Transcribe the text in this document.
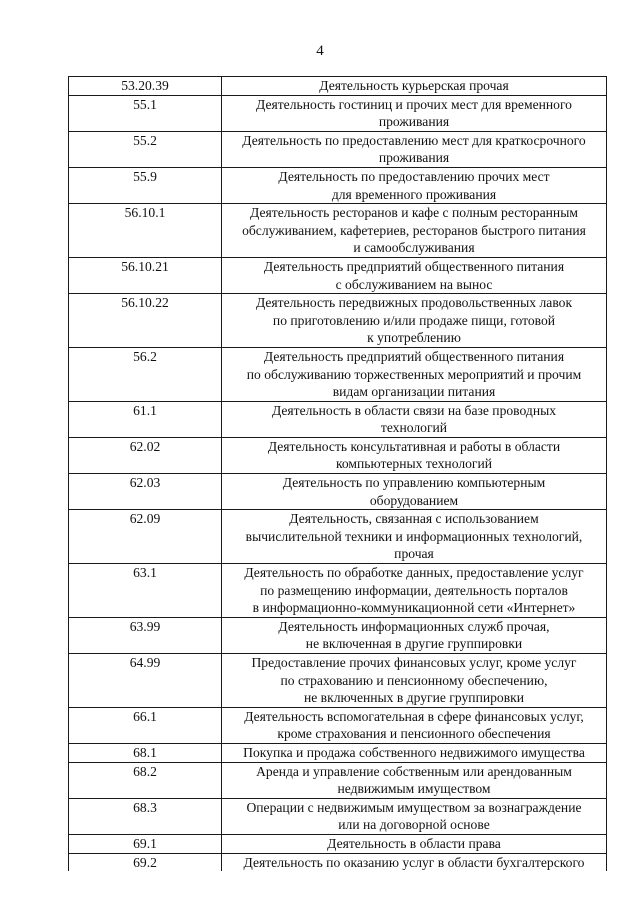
4
53.20.39	Деятельность курьерская прочая
55.1	Деятельность гостиниц и прочих мест для временного
проживания
55.2	Деятельность по предоставлению мест для краткосрочного
проживания
55.9	Деятельность по предоставлению прочих мест
для временного проживания
56.10.1	Деятельность ресторанов и кафе с полным ресторанным
обслуживанием, кафетериев, ресторанов быстрого питания
и самообслуживания
56.10.21	Деятельность предприятий общественного питания
с обслуживанием на вынос
56.10.22	Деятельность передвижных продовольственных лавок
по приготовлению и/или продаже пищи, готовой
к употреблению
56.2	Деятельность предприятий общественного питания
по обслуживанию торжественных мероприятий и прочим
видам организации питания
61.1	Деятельность в области связи на базе проводных
технологий
62.02	Деятельность консультативная и работы в области
компьютерных технологий
62.03	Деятельность по управлению компьютерным
оборудованием
62.09	Деятельность, связанная с использованием
вычислительной техники и информационных технологий,
прочая
63.1	Деятельность по обработке данных, предоставление услуг
по размещению информации, деятельность порталов
в информационно-коммуникационной сети «Интернет»
63.99	Деятельность информационных служб прочая,
не включенная в другие группировки
64.99	Предоставление прочих финансовых услуг, кроме услуг
по страхованию и пенсионному обеспечению,
не включенных в другие группировки
66.1	Деятельность вспомогательная в сфере финансовых услуг,
кроме страхования и пенсионного обеспечения
68.1	Покупка и продажа собственного недвижимого имущества
68.2	Аренда и управление собственным или арендованным
недвижимым имуществом
68.3	Операции с недвижимым имуществом за вознаграждение
или на договорной основе
69.1	Деятельность в области права
69.2	Деятельность по оказанию услуг в области бухгалтерского
